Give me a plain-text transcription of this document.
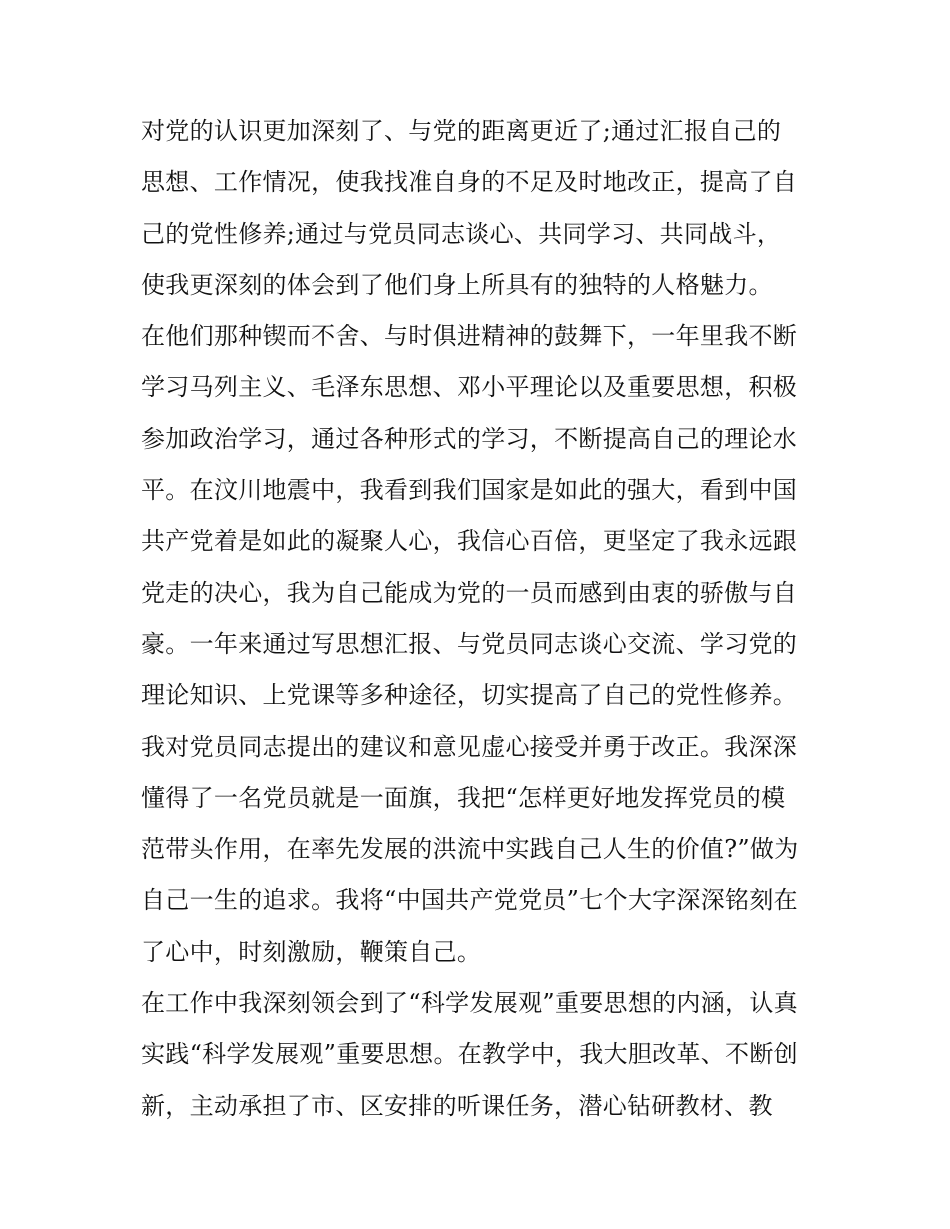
对党的认识更加深刻了、与党的距离更近了;通过汇报自己的
思想、工作情况，使我找准自身的不足及时地改正，提高了自
己的党性修养;通过与党员同志谈心、共同学习、共同战斗，
使我更深刻的体会到了他们身上所具有的独特的人格魅力。
在他们那种锲而不舍、与时俱进精神的鼓舞下，一年里我不断
学习马列主义、毛泽东思想、邓小平理论以及重要思想，积极
参加政治学习，通过各种形式的学习，不断提高自己的理论水
平。在汶川地震中，我看到我们国家是如此的强大，看到中国
共产党着是如此的凝聚人心，我信心百倍，更坚定了我永远跟
党走的决心，我为自己能成为党的一员而感到由衷的骄傲与自
豪。一年来通过写思想汇报、与党员同志谈心交流、学习党的
理论知识、上党课等多种途径，切实提高了自己的党性修养。
我对党员同志提出的建议和意见虚心接受并勇于改正。我深深
懂得了一名党员就是一面旗，我把“怎样更好地发挥党员的模
范带头作用，在率先发展的洪流中实践自己人生的价值?”做为
自己一生的追求。我将“中国共产党党员”七个大字深深铭刻在
了心中，时刻激励，鞭策自己。
在工作中我深刻领会到了“科学发展观”重要思想的内涵，认真
实践“科学发展观”重要思想。在教学中，我大胆改革、不断创
新，主动承担了市、区安排的听课任务，潜心钻研教材、教
